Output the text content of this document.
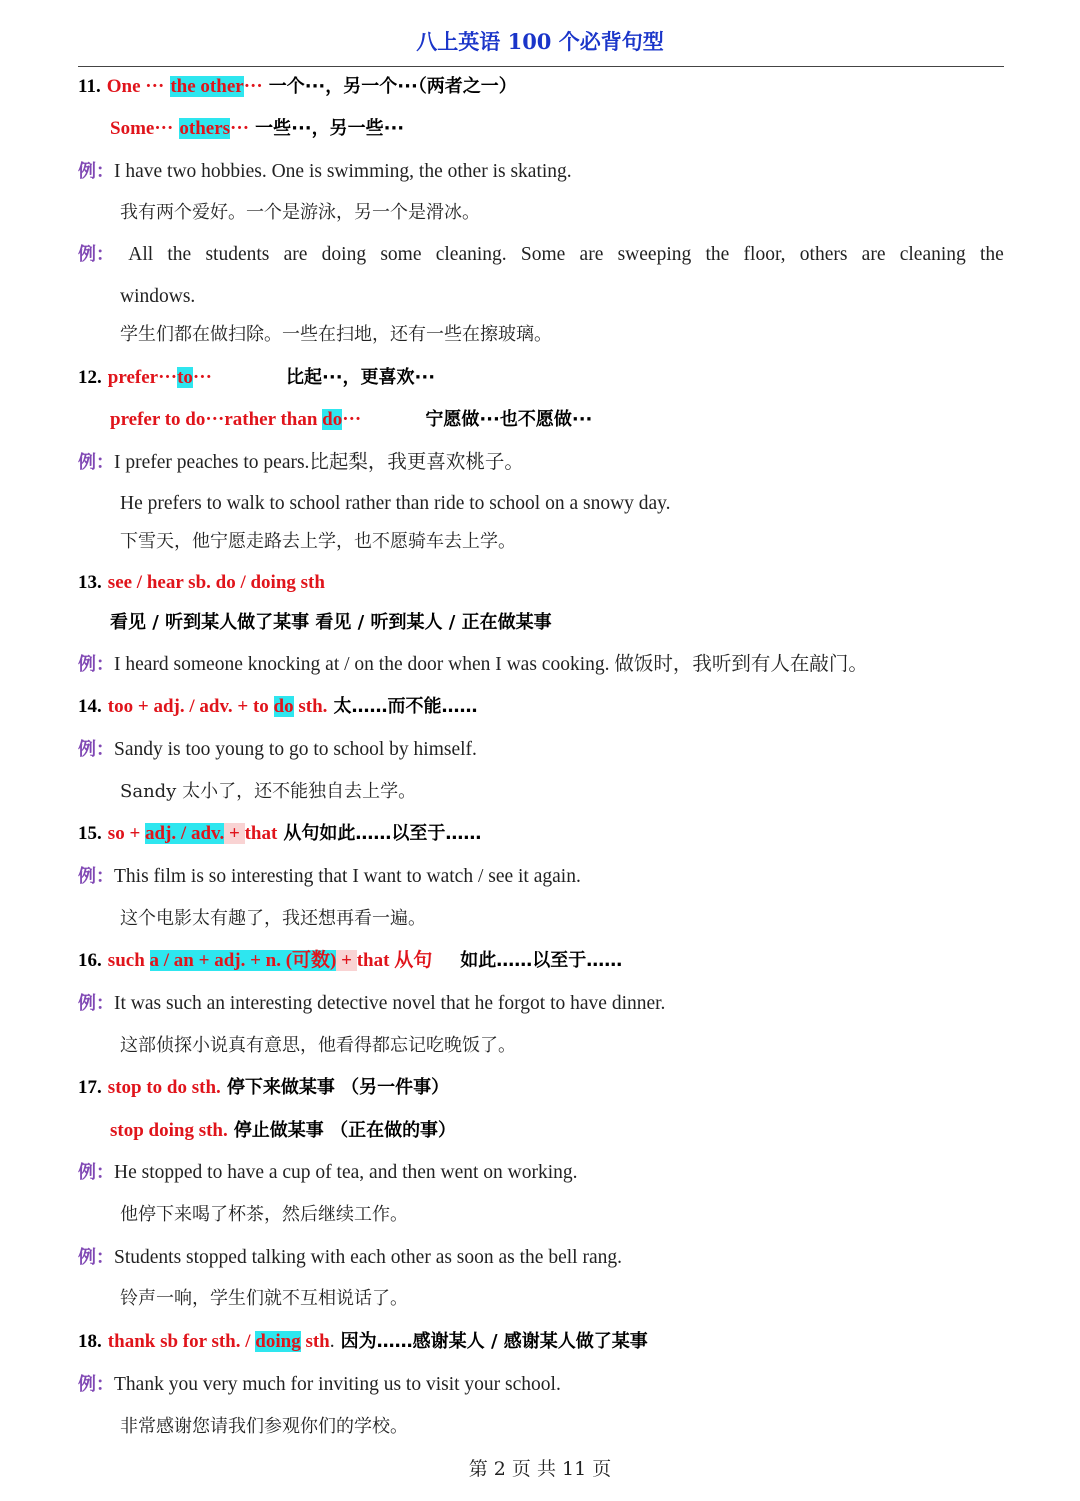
八上英语 100 个必背句型
11. One ··· the other··· 一个···，另一个···（两者之一）
Some··· others··· 一些···，另一些···
例：I have two hobbies. One is swimming, the other is skating.
我有两个爱好。一个是游泳，另一个是滑冰。
例： All the students are doing some cleaning. Some are sweeping the floor, others are cleaning the
windows.
学生们都在做扫除。一些在扫地，还有一些在擦玻璃。
12. prefer···to···	比起···，更喜欢···
prefer to do···rather than do···	宁愿做···也不愿做···
例：I prefer peaches to pears.比起梨，我更喜欢桃子。
He prefers to walk to school rather than ride to school on a snowy day.
下雪天，他宁愿走路去上学，也不愿骑车去上学。
13. see / hear sb. do / doing sth
看见 / 听到某人做了某事 看见 / 听到某人 / 正在做某事
例：I heard someone knocking at / on the door when I was cooking. 做饭时，我听到有人在敲门。
14. too + adj. / adv. + to do sth. 太……而不能……
例：Sandy is too young to go to school by himself.
Sandy 太小了，还不能独自去上学。
15. so + adj. / adv. + that 从句如此……以至于……
例：This film is so interesting that I want to watch / see it again.
这个电影太有趣了，我还想再看一遍。
16. such a / an + adj. + n. (可数) + that 从句 如此……以至于……
例：It was such an interesting detective novel that he forgot to have dinner.
这部侦探小说真有意思，他看得都忘记吃晚饭了。
17. stop to do sth. 停下来做某事 （另一件事）
stop doing sth. 停止做某事 （正在做的事）
例：He stopped to have a cup of tea, and then went on working.
他停下来喝了杯茶，然后继续工作。
例：Students stopped talking with each other as soon as the bell rang.
铃声一响，学生们就不互相说话了。
18. thank sb for sth. / doing sth. 因为……感谢某人 / 感谢某人做了某事
例：Thank you very much for inviting us to visit your school.
非常感谢您请我们参观你们的学校。
第 2 页 共 11 页
